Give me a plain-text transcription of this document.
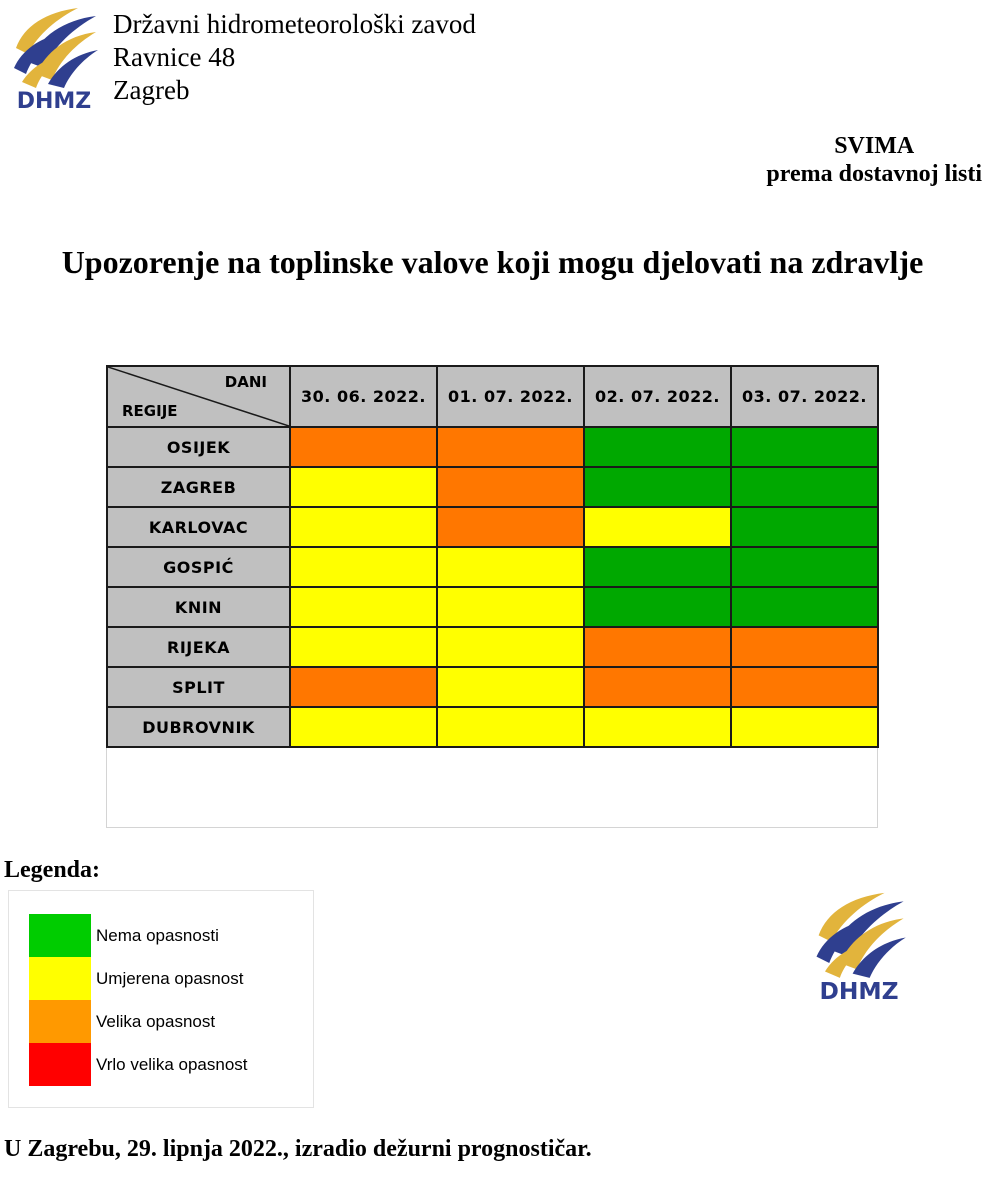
DHMZ
Državni hidrometeorološki zavod
Ravnice 48
Zagreb
SVIMA
prema dostavnoj listi
Upozorenje na toplinske valove koji mogu djelovati na zdravlje
DANI
REGIJE	30. 06. 2022.	01. 07. 2022.	02. 07. 2022.	03. 07. 2022.
OSIJEK				
ZAGREB				
KARLOVAC				
GOSPIĆ				
KNIN				
RIJEKA				
SPLIT				
DUBROVNIK				
Legenda:
Nema opasnosti
Umjerena opasnost
Velika opasnost
Vrlo velika opasnost
DHMZ
U Zagrebu, 29. lipnja 2022., izradio dežurni prognostičar.
